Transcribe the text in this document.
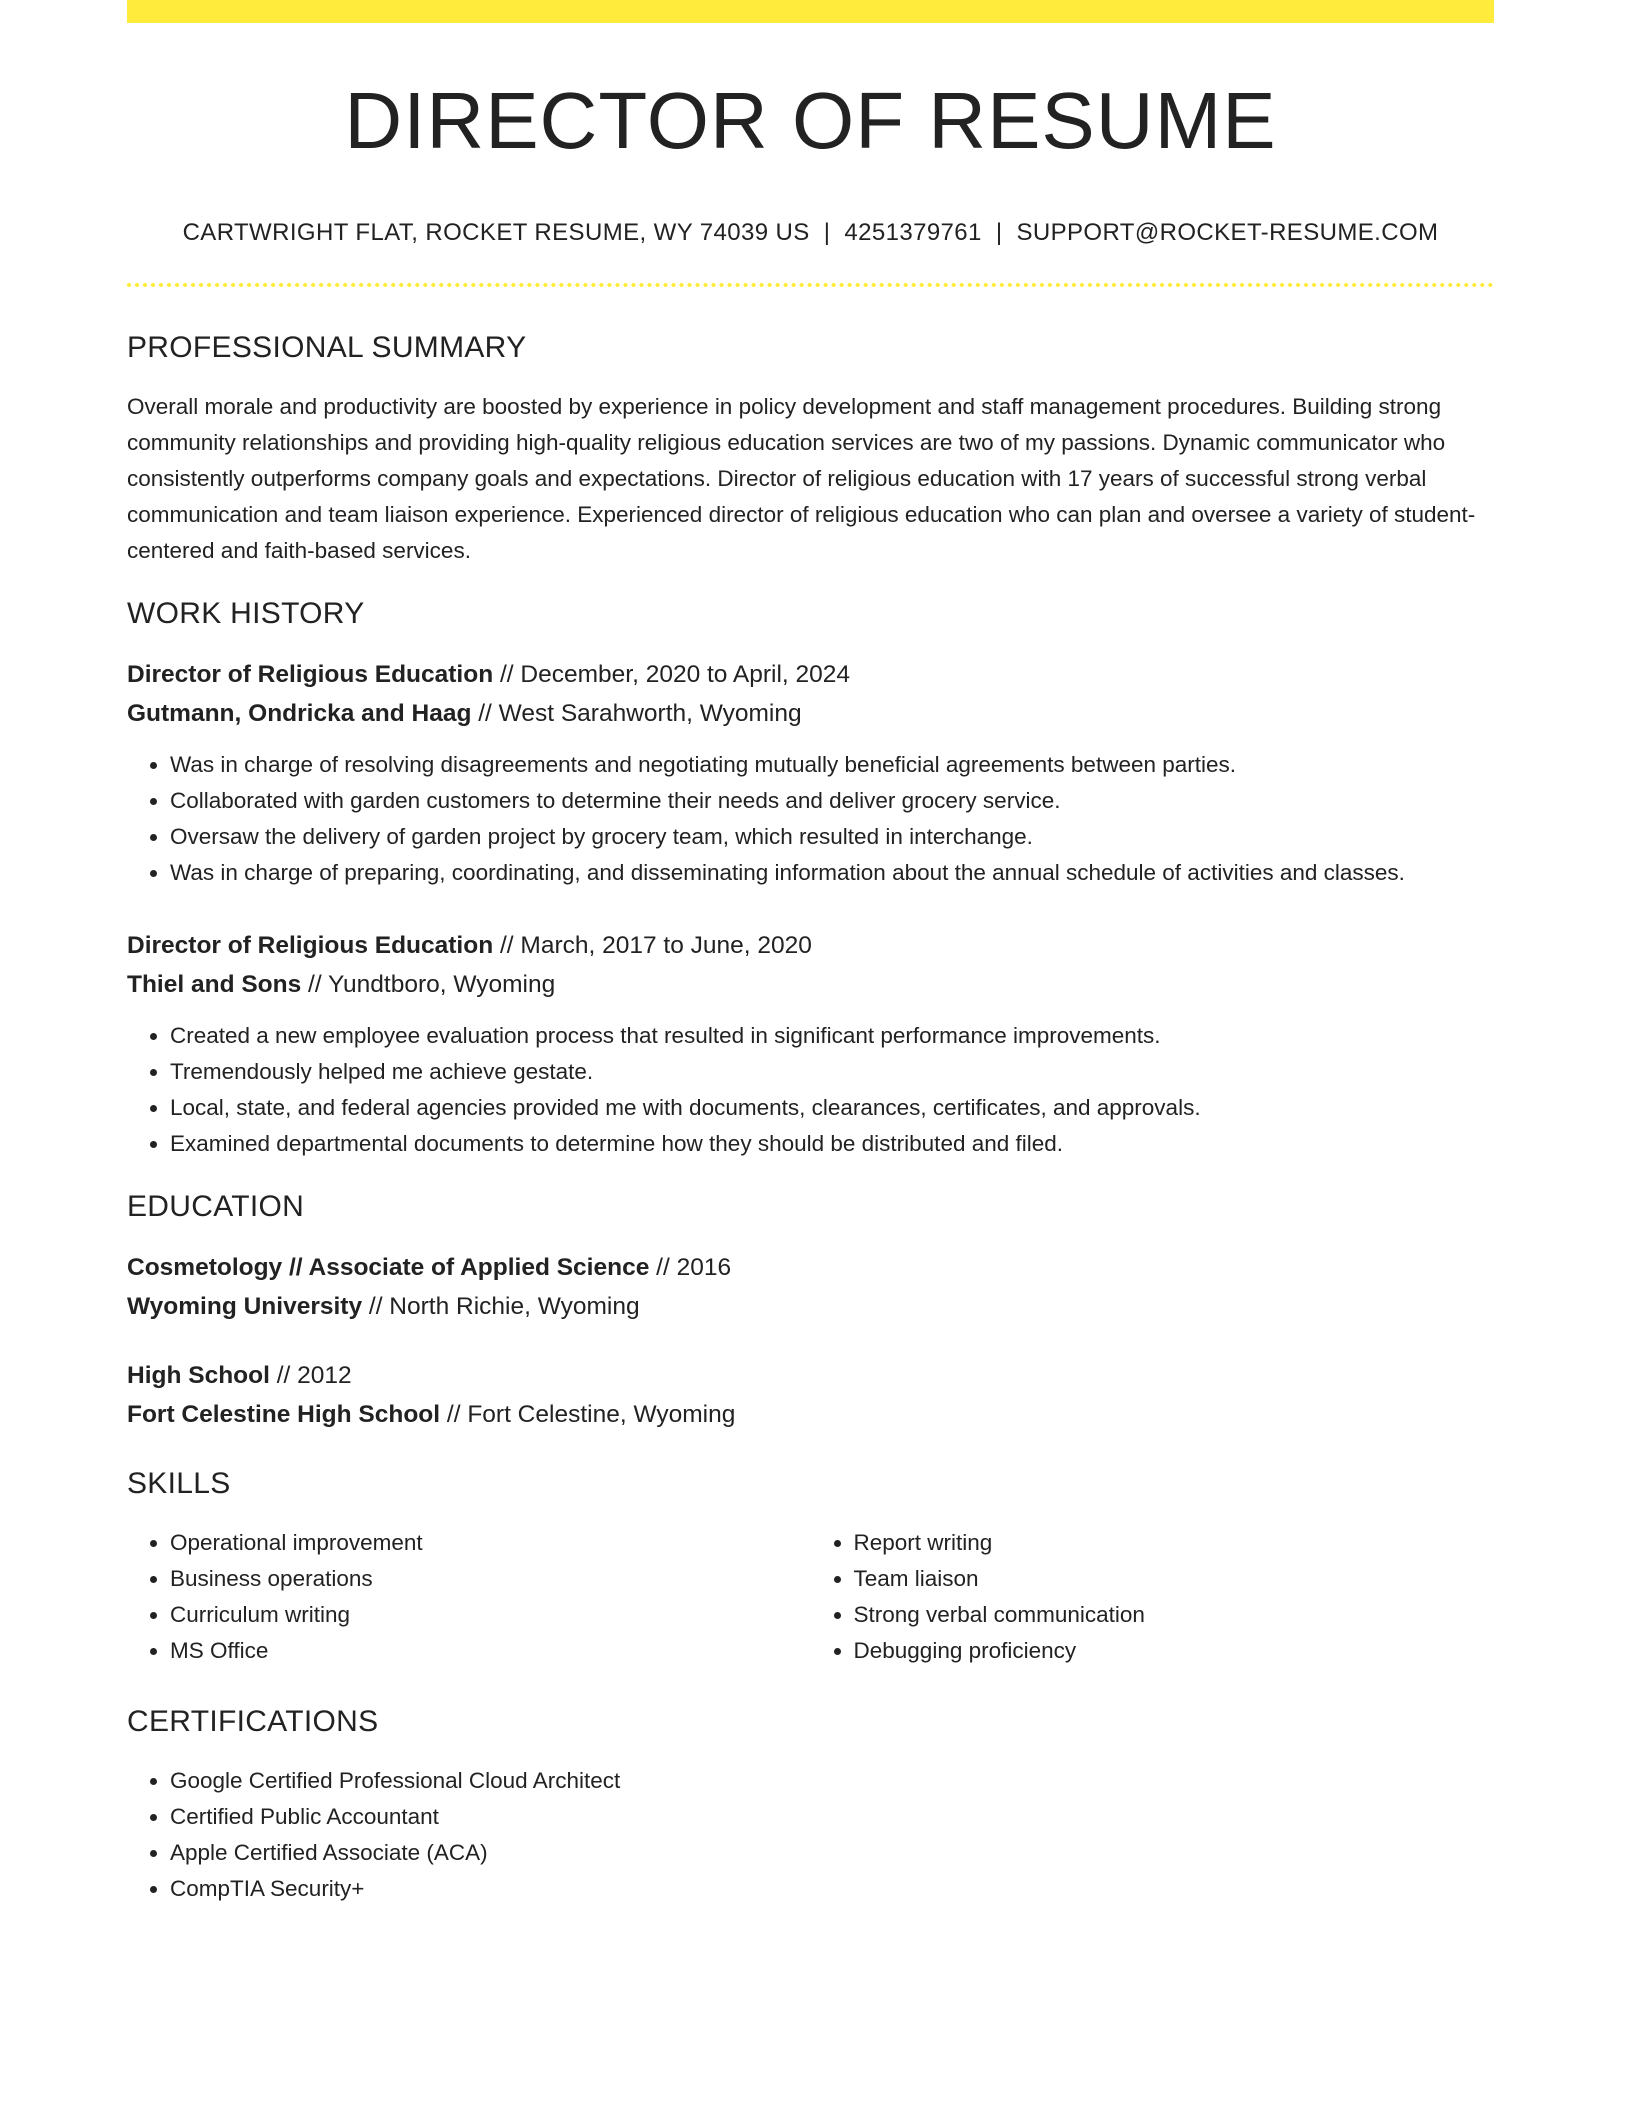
DIRECTOR OF RESUME
CARTWRIGHT FLAT, ROCKET RESUME, WY 74039 US | 4251379761 | SUPPORT@ROCKET-RESUME.COM
PROFESSIONAL SUMMARY

Overall morale and productivity are boosted by experience in policy development and staff management procedures. Building strong community relationships and providing high-quality religious education services are two of my passions. Dynamic communicator who consistently outperforms company goals and expectations. Director of religious education with 17 years of successful strong verbal communication and team liaison experience. Experienced director of religious education who can plan and oversee a variety of student-centered and faith-based services.

WORK HISTORY
Director of Religious Education // December, 2020 to April, 2024
Gutmann, Ondricka and Haag // West Sarahworth, Wyoming
• Was in charge of resolving disagreements and negotiating mutually beneficial agreements between parties.
• Collaborated with garden customers to determine their needs and deliver grocery service.
• Oversaw the delivery of garden project by grocery team, which resulted in interchange.
• Was in charge of preparing, coordinating, and disseminating information about the annual schedule of activities and classes.
Director of Religious Education // March, 2017 to June, 2020
Thiel and Sons // Yundtboro, Wyoming
• Created a new employee evaluation process that resulted in significant performance improvements.
• Tremendously helped me achieve gestate.
• Local, state, and federal agencies provided me with documents, clearances, certificates, and approvals.
• Examined departmental documents to determine how they should be distributed and filed.
EDUCATION
Cosmetology // Associate of Applied Science // 2016
Wyoming University // North Richie, Wyoming
High School // 2012
Fort Celestine High School // Fort Celestine, Wyoming
SKILLS
• Operational improvement
• Business operations
• Curriculum writing
• MS Office
• Report writing
• Team liaison
• Strong verbal communication
• Debugging proficiency
CERTIFICATIONS
• Google Certified Professional Cloud Architect
• Certified Public Accountant
• Apple Certified Associate (ACA)
• CompTIA Security+
